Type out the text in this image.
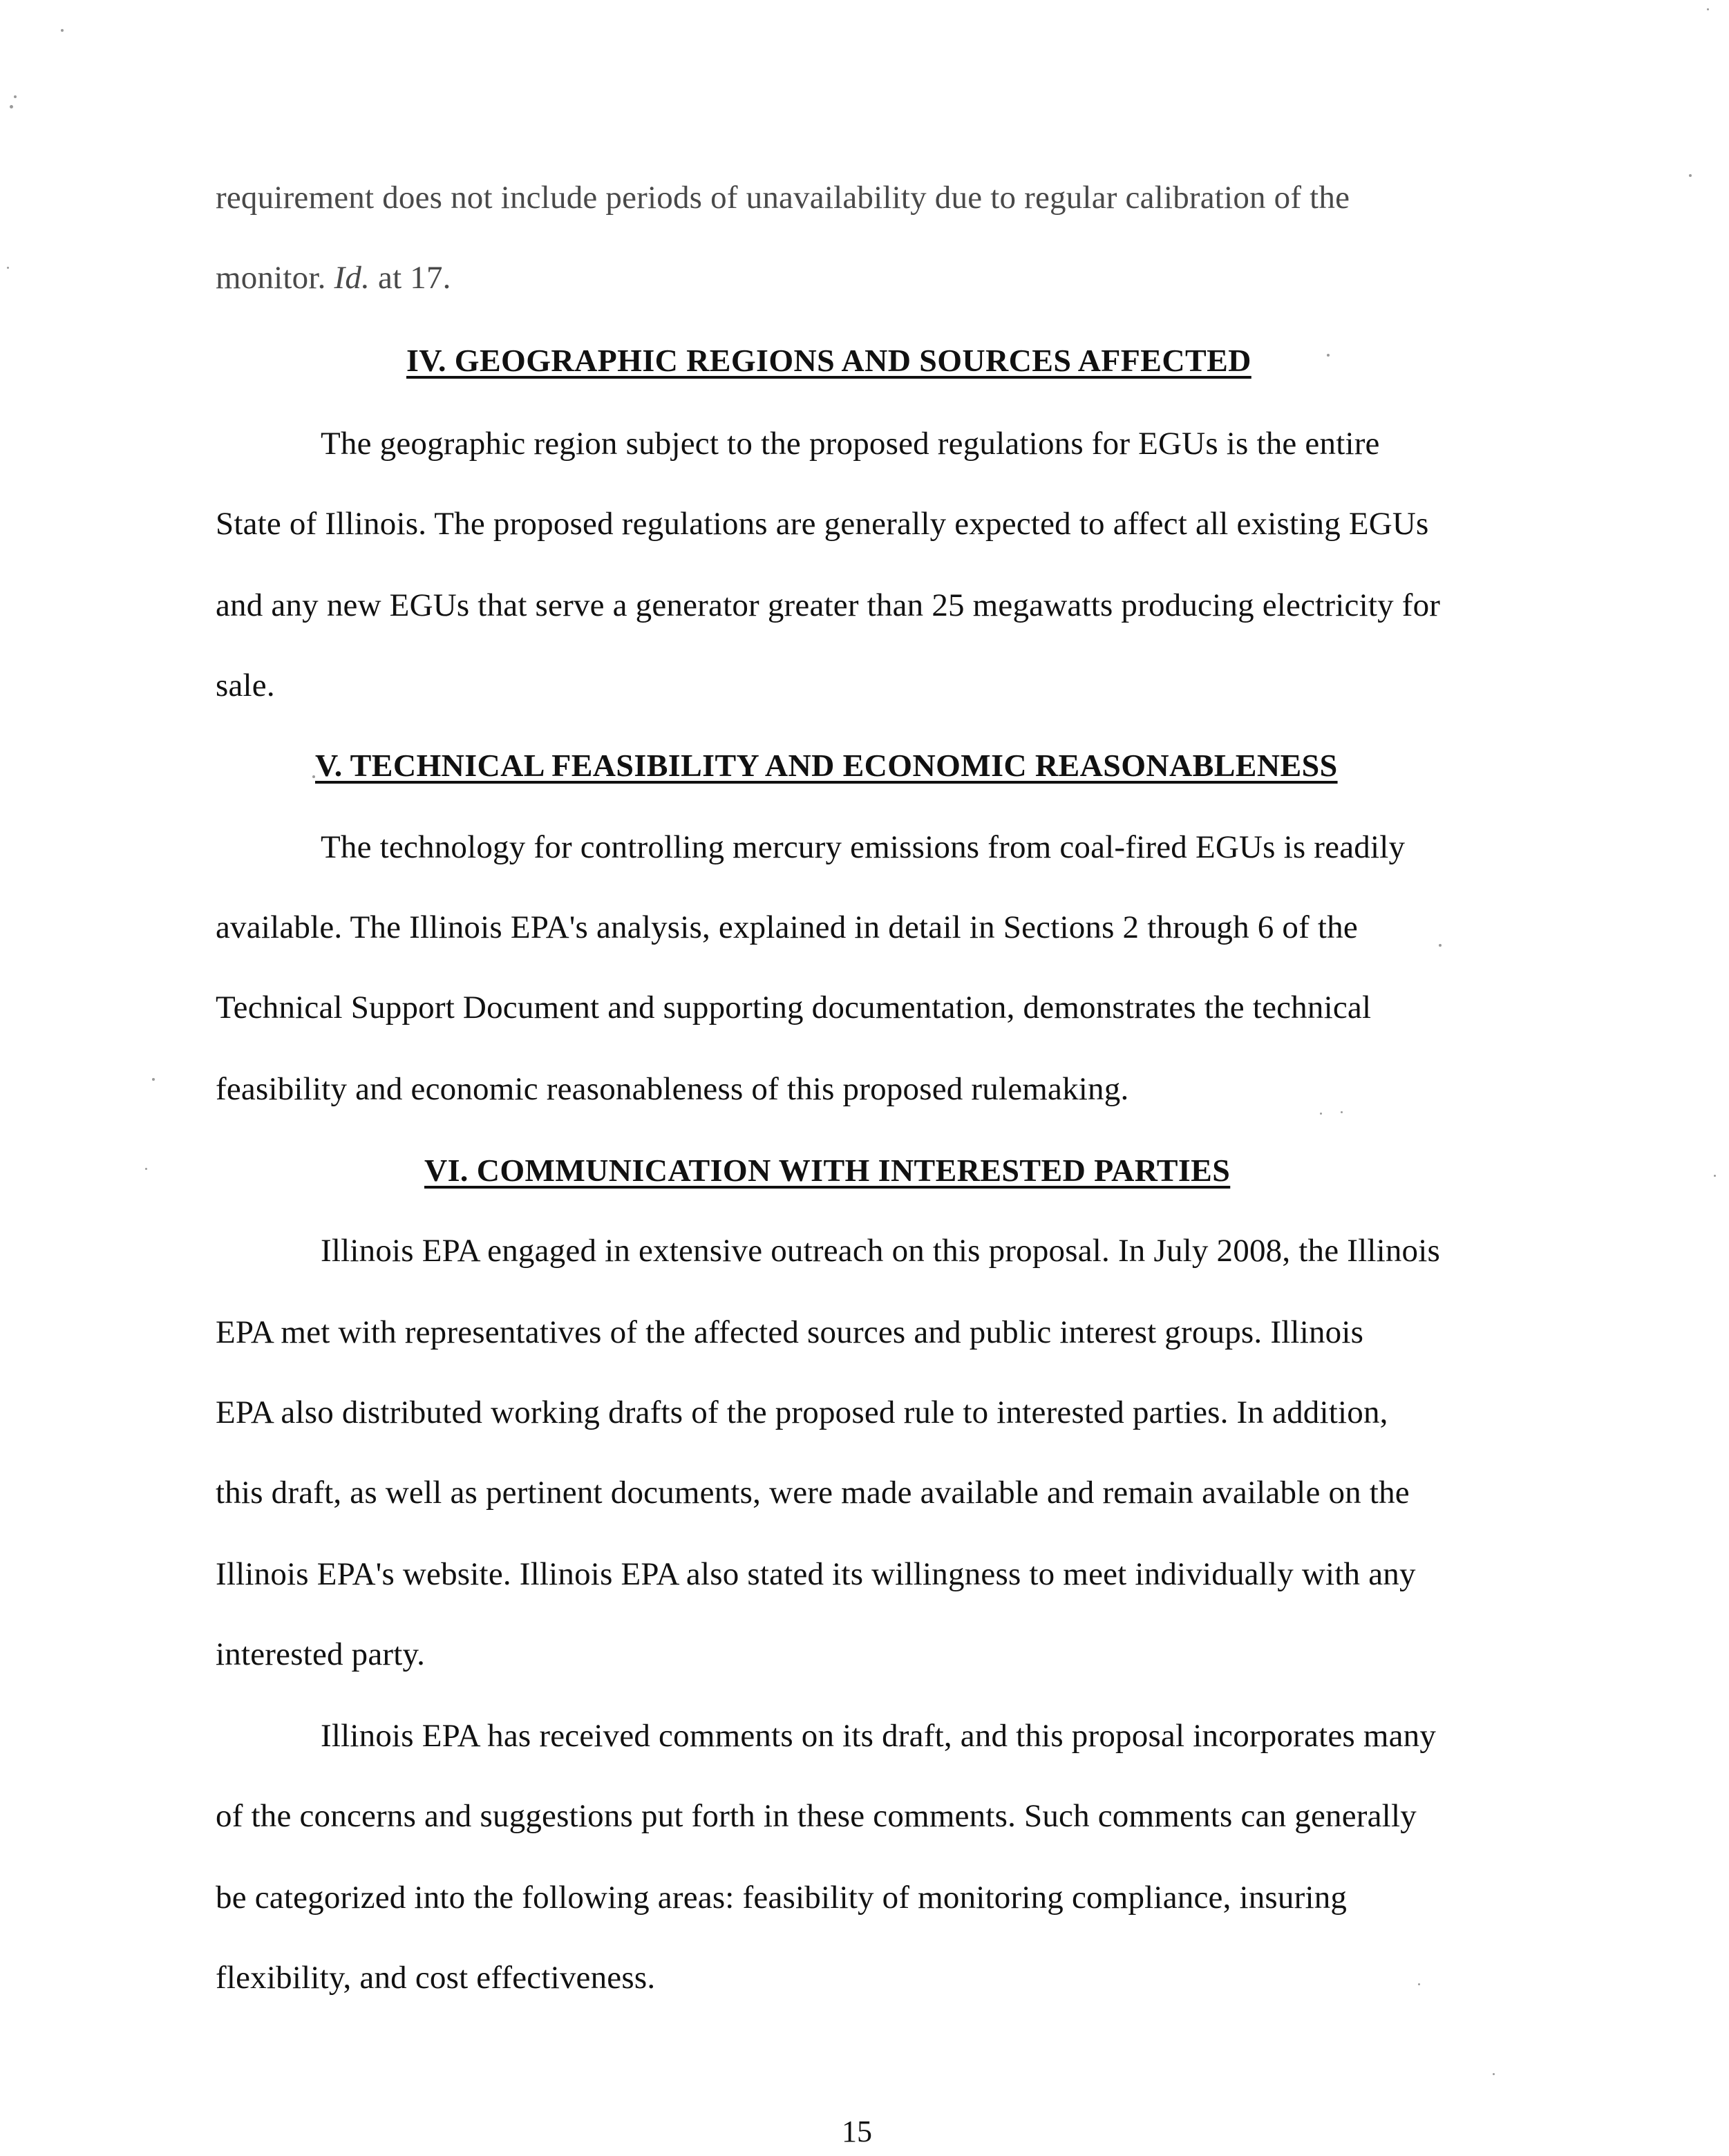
requirement does not include periods of unavailability due to regular calibration of the
monitor. Id. at 17.
IV. GEOGRAPHIC REGIONS AND SOURCES AFFECTED
The geographic region subject to the proposed regulations for EGUs is the entire
State of Illinois. The proposed regulations are generally expected to affect all existing EGUs
and any new EGUs that serve a generator greater than 25 megawatts producing electricity for
sale.
V. TECHNICAL FEASIBILITY AND ECONOMIC REASONABLENESS
The technology for controlling mercury emissions from coal-fired EGUs is readily
available. The Illinois EPA's analysis, explained in detail in Sections 2 through 6 of the
Technical Support Document and supporting documentation, demonstrates the technical
feasibility and economic reasonableness of this proposed rulemaking.
VI. COMMUNICATION WITH INTERESTED PARTIES
Illinois EPA engaged in extensive outreach on this proposal. In July 2008, the Illinois
EPA met with representatives of the affected sources and public interest groups. Illinois
EPA also distributed working drafts of the proposed rule to interested parties. In addition,
this draft, as well as pertinent documents, were made available and remain available on the
Illinois EPA's website. Illinois EPA also stated its willingness to meet individually with any
interested party.
Illinois EPA has received comments on its draft, and this proposal incorporates many
of the concerns and suggestions put forth in these comments. Such comments can generally
be categorized into the following areas: feasibility of monitoring compliance, insuring
flexibility, and cost effectiveness.
15
